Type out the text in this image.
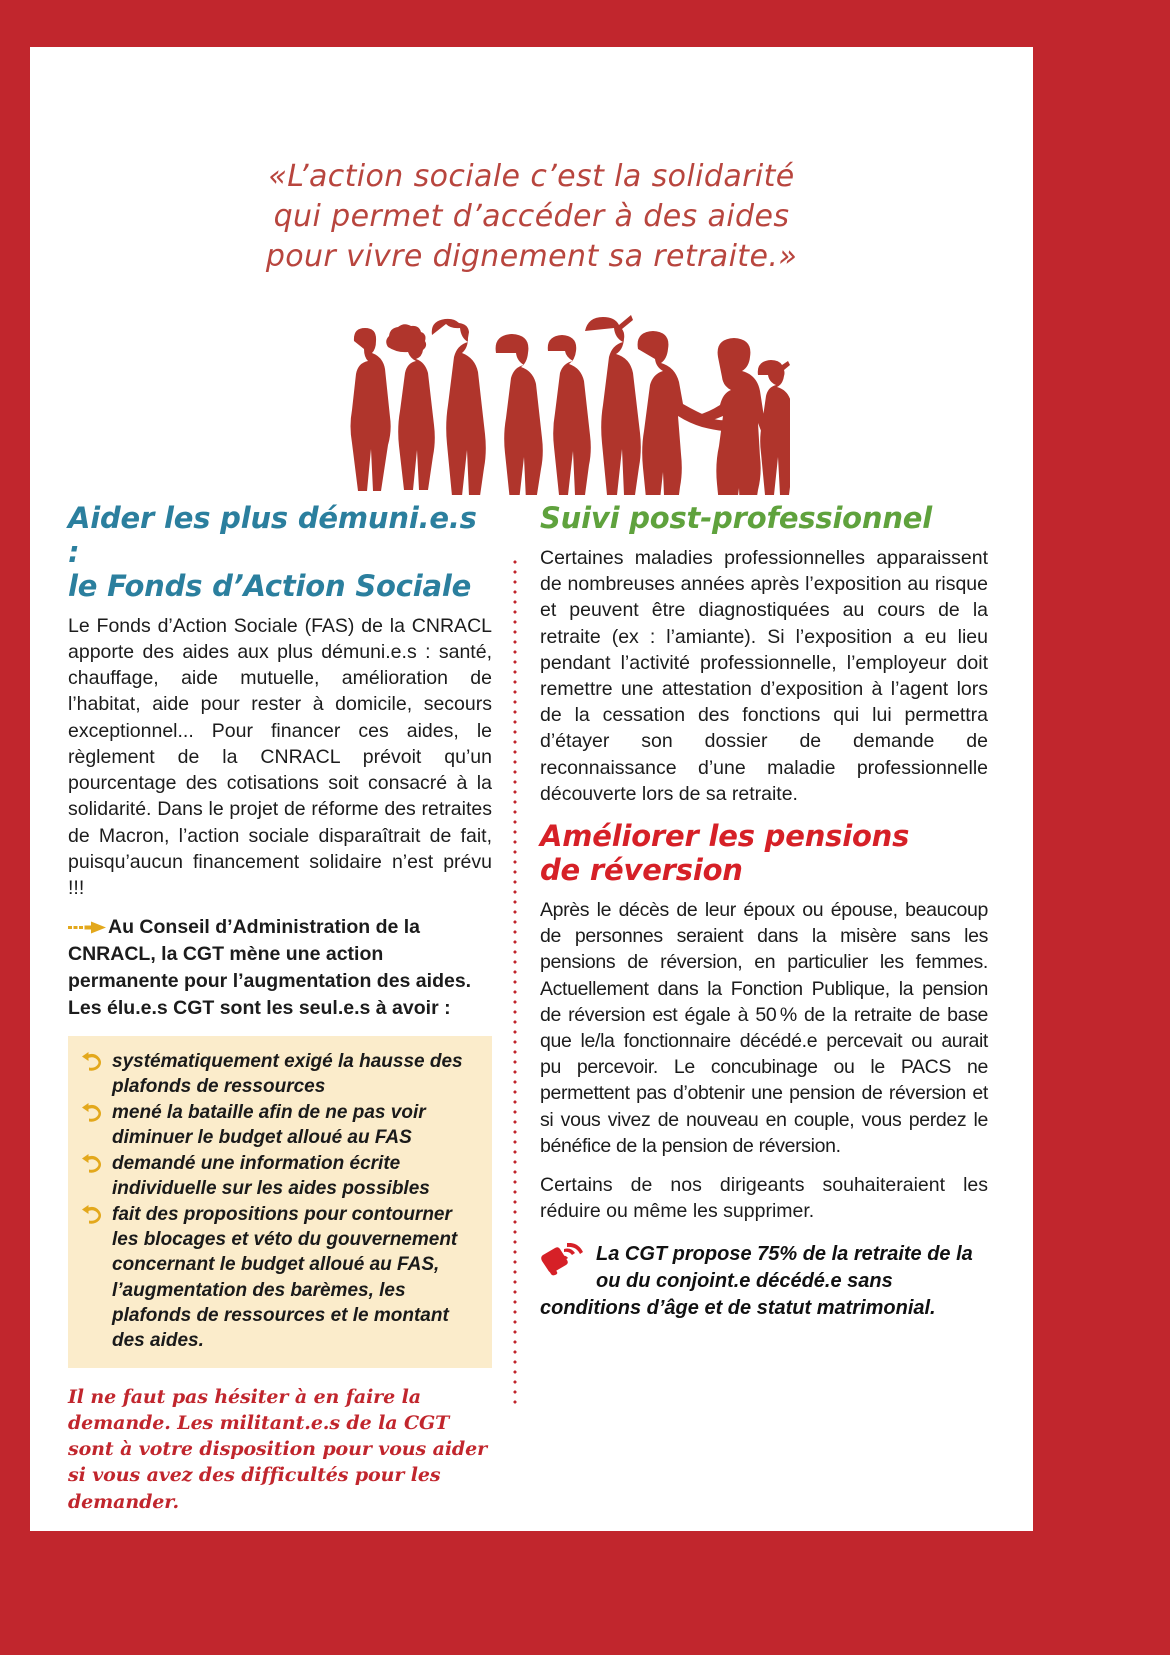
«L’action sociale c’est la solidarité
qui permet d’accéder à des aides
pour vivre dignement sa retraite.»
Aider les plus démuni.e.s :
le Fonds d’Action Sociale

Le Fonds d’Action Sociale (FAS) de la CNRACL apporte des aides aux plus démuni.e.s : santé, chauffage, aide mutuelle, amélioration de l’habitat, aide pour rester à domicile, secours exceptionnel... Pour financer ces aides, le règlement de la CNRACL prévoit qu’un pourcentage des cotisations soit consacré à la solidarité. Dans le projet de réforme des retraites de Macron, l’action sociale disparaîtrait de fait, puisqu’aucun financement solidaire n’est prévu !!!

Au Conseil d’Administration de la CNRACL, la CGT mène une action permanente pour l’augmentation des aides. Les élu.e.s CGT sont les seul.e.s à avoir :
systématiquement exigé la hausse des plafonds de ressources
mené la bataille afin de ne pas voir diminuer le budget alloué au FAS
demandé une information écrite individuelle sur les aides possibles
fait des propositions pour contourner les blocages et véto du gouvernement concernant le budget alloué au FAS, l’augmentation des barèmes, les plafonds de ressources et le montant des aides.

Il ne faut pas hésiter à en faire la demande. Les militant.e.s de la CGT sont à votre disposition pour vous aider si vous avez des difficultés pour les demander.

Suivi post-professionnel

Certaines maladies professionnelles apparaissent de nombreuses années après l’exposition au risque et peuvent être diagnostiquées au cours de la retraite (ex : l’amiante). Si l’exposition a eu lieu pendant l’activité professionnelle, l’employeur doit remettre une attestation d’exposition à l’agent lors de la cessation des fonctions qui lui permettra d’étayer son dossier de demande de reconnaissance d’une maladie professionnelle découverte lors de sa retraite.

Améliorer les pensions
de réversion

Après le décès de leur époux ou épouse, beaucoup de personnes seraient dans la misère sans les pensions de réversion, en particulier les femmes. Actuellement dans la Fonction Publique, la pension de réversion est égale à 50 % de la retraite de base que le/la fonctionnaire décédé.e percevait ou aurait pu percevoir. Le concubinage ou le PACS ne permettent pas d’obtenir une pension de réversion et si vous vivez de nouveau en couple, vous perdez le bénéfice de la pension de réversion.

Certains de nos dirigeants souhaiteraient les réduire ou même les supprimer.

La CGT propose 75% de la retraite de la ou du conjoint.e décédé.e sans conditions d’âge et de statut matrimonial.
